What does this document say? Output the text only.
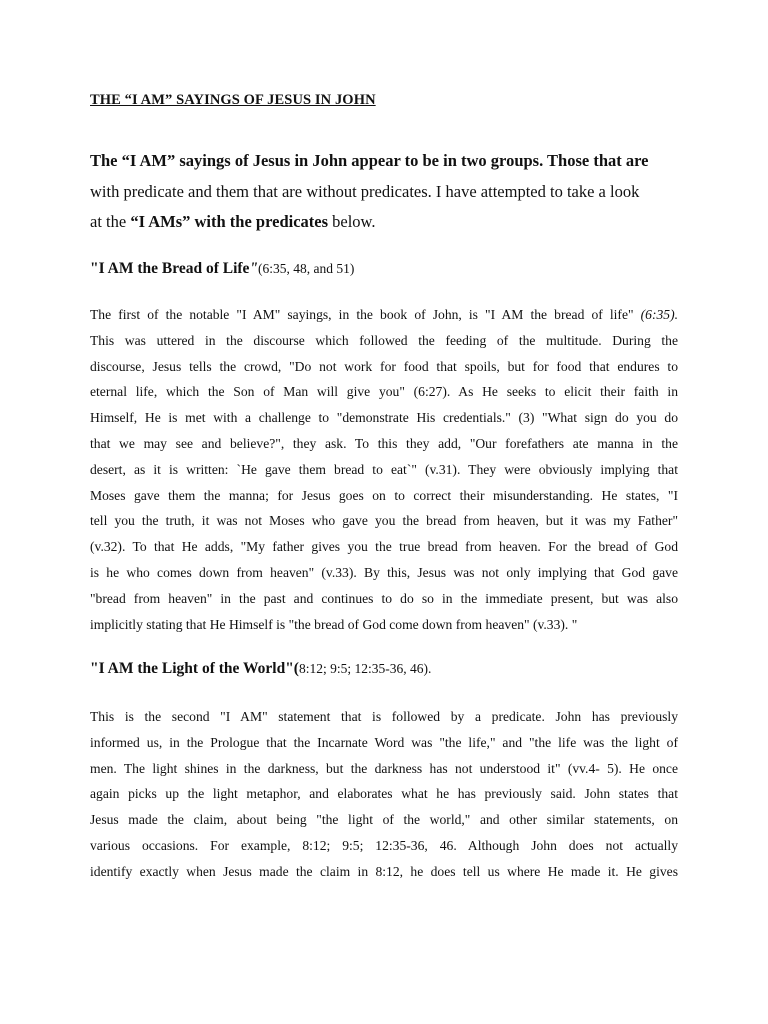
THE “I AM” SAYINGS OF JESUS IN JOHN
The “I AM” sayings of Jesus in John appear to be in two groups. Those that are
with predicate and them that are without predicates. I have attempted to take a look
at the “I AMs” with the predicates below.
"I AM the Bread of Life"(6:35, 48, and 51)
The first of the notable "I AM" sayings, in the book of John, is "I AM the bread of life" (6:35).
This was uttered in the discourse which followed the feeding of the multitude. During the
discourse, Jesus tells the crowd, "Do not work for food that spoils, but for food that endures to
eternal life, which the Son of Man will give you" (6:27). As He seeks to elicit their faith in
Himself, He is met with a challenge to "demonstrate His credentials." (3) "What sign do you do
that we may see and believe?", they ask. To this they add, "Our forefathers ate manna in the
desert, as it is written: `He gave them bread to eat`" (v.31). They were obviously implying that
Moses gave them the manna; for Jesus goes on to correct their misunderstanding. He states, "I
tell you the truth, it was not Moses who gave you the bread from heaven, but it was my Father"
(v.32). To that He adds, "My father gives you the true bread from heaven. For the bread of God
is he who comes down from heaven" (v.33). By this, Jesus was not only implying that God gave
"bread from heaven" in the past and continues to do so in the immediate present, but was also
implicitly stating that He Himself is "the bread of God come down from heaven" (v.33). "
"I AM the Light of the World"(8:12; 9:5; 12:35-36, 46).
This is the second "I AM" statement that is followed by a predicate. John has previously
informed us, in the Prologue that the Incarnate Word was "the life," and "the life was the light of
men. The light shines in the darkness, but the darkness has not understood it" (vv.4- 5). He once
again picks up the light metaphor, and elaborates what he has previously said. John states that
Jesus made the claim, about being "the light of the world," and other similar statements, on
various occasions. For example, 8:12; 9:5; 12:35-36, 46. Although John does not actually
identify exactly when Jesus made the claim in 8:12, he does tell us where He made it. He gives
